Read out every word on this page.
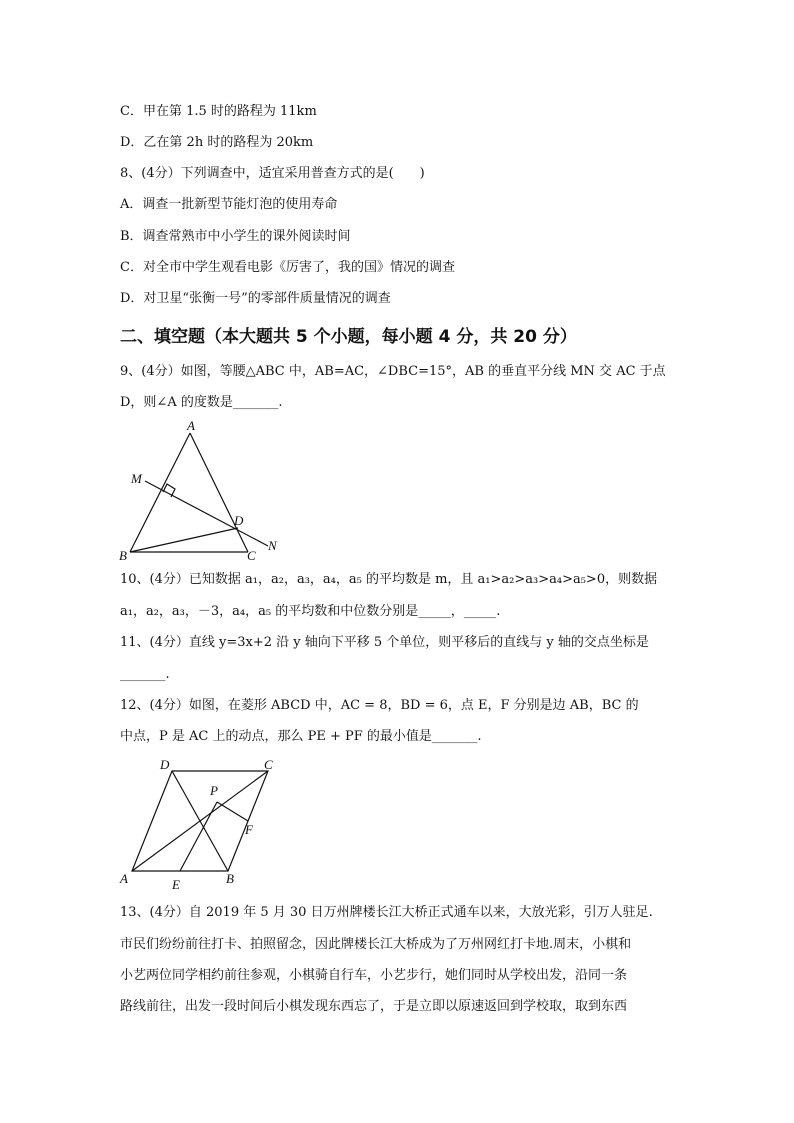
C．甲在第 1.5 时的路程为 11km
D．乙在第 2h 时的路程为 20km
8、(4分）下列调查中，适宜采用普查方式的是(　　)
A．调查一批新型节能灯泡的使用寿命
B．调查常熟市中小学生的课外阅读时间
C．对全市中学生观看电影《厉害了，我的国》情况的调查
D．对卫星“张衡一号”的零部件质量情况的调查
二、填空题（本大题共 5 个小题，每小题 4 分，共 20 分）
9、(4分）如图，等腰△ABC 中，AB=AC，∠DBC=15°，AB 的垂直平分线 MN 交 AC 于点
D，则∠A 的度数是_______.
A
M
D
B	C
N
10、(4分）已知数据 a₁，a₂，a₃，a₄，a₅ 的平均数是 m，且 a₁>a₂>a₃>a₄>a₅>0，则数据
a₁，a₂，a₃，－3，a₄，a₅ 的平均数和中位数分别是_____，_____.
11、(4分）直线 y=3x+2 沿 y 轴向下平移 5 个单位，则平移后的直线与 y 轴的交点坐标是
_______.
12、(4分）如图，在菱形 ABCD 中，AC = 8，BD = 6，点 E，F 分别是边 AB，BC 的
中点，P 是 AC 上的动点，那么 PE + PF 的最小值是_______.
D	C
P
F
A	E	B
13、(4分）自 2019 年 5 月 30 日万州牌楼长江大桥正式通车以来，大放光彩，引万人驻足.
市民们纷纷前往打卡、拍照留念，因此牌楼长江大桥成为了万州网红打卡地.周末，小棋和
小艺两位同学相约前往参观，小棋骑自行车，小艺步行，她们同时从学校出发，沿同一条
路线前往，出发一段时间后小棋发现东西忘了，于是立即以原速返回到学校取，取到东西
